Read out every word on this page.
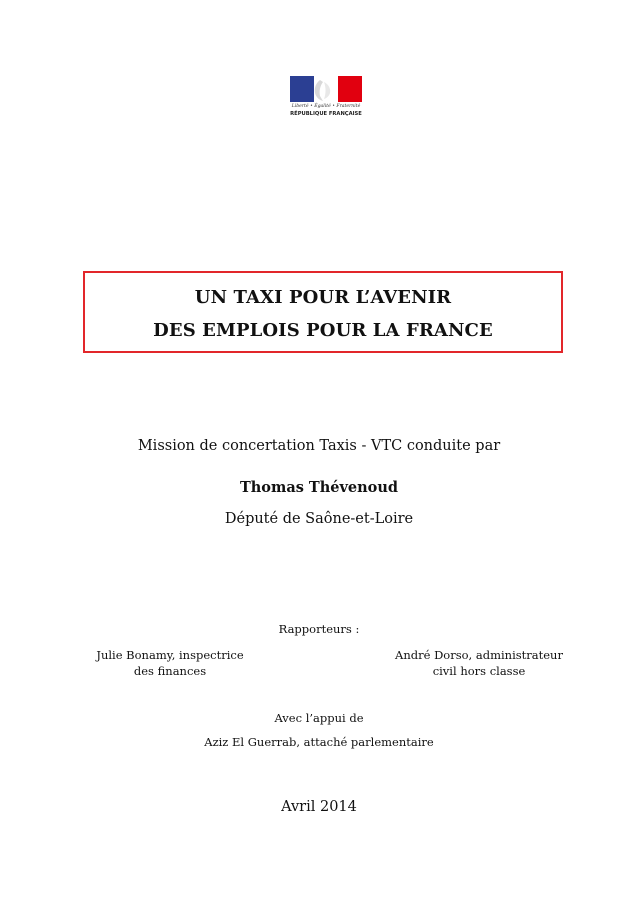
Liberté • Égalité • Fraternité
RÉPUBLIQUE FRANÇAISE
UN TAXI POUR L’AVENIR
DES EMPLOIS POUR LA FRANCE
Mission de concertation Taxis - VTC conduite par
Thomas Thévenoud
Député de Saône-et-Loire
Rapporteurs :
Julie Bonamy, inspectrice
des finances
André Dorso, administrateur
civil hors classe
Avec l’appui de
Aziz El Guerrab, attaché parlementaire
Avril 2014
